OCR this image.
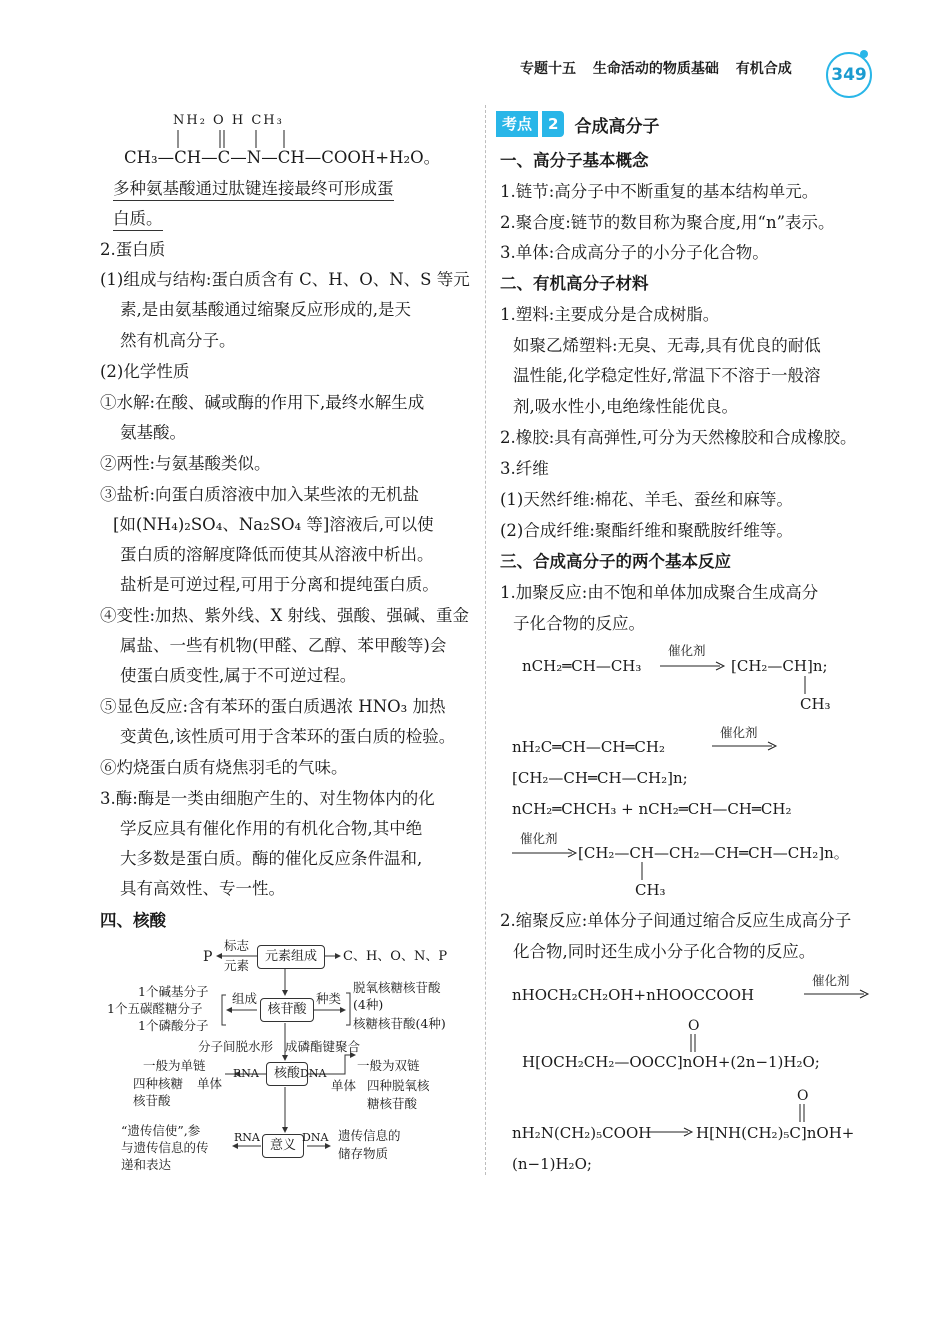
专题十五 生命活动的物质基础 有机合成	349
NH₂ O H CH₃
CH₃—CH—C—N—CH—COOH+H₂O。
多种氨基酸通过肽键连接最终可形成蛋
白质。
2.蛋白质
(1)组成与结构:蛋白质含有 C、H、O、N、S 等元
素,是由氨基酸通过缩聚反应形成的,是天
然有机高分子。
(2)化学性质
①水解:在酸、碱或酶的作用下,最终水解生成
氨基酸。
②两性:与氨基酸类似。
③盐析:向蛋白质溶液中加入某些浓的无机盐
[如(NH₄)₂SO₄、Na₂SO₄ 等]溶液后,可以使
蛋白质的溶解度降低而使其从溶液中析出。
盐析是可逆过程,可用于分离和提纯蛋白质。
④变性:加热、紫外线、X 射线、强酸、强碱、重金
属盐、一些有机物(甲醛、乙醇、苯甲酸等)会
使蛋白质变性,属于不可逆过程。
⑤显色反应:含有苯环的蛋白质遇浓 HNO₃ 加热
变黄色,该性质可用于含苯环的蛋白质的检验。
⑥灼烧蛋白质有烧焦羽毛的气味。
3.酶:酶是一类由细胞产生的、对生物体内的化
学反应具有催化作用的有机化合物,其中绝
大多数是蛋白质。酶的催化反应条件温和,
具有高效性、专一性。
四、核酸
P
标志
元素
元素组成	C、H、O、N、P
1个碱基分子
1个五碳醛糖分子
1个磷酸分子
组成
核苷酸
种类
脱氧核糖核苷酸
(4种)
核糖核苷酸(4种)
分子间脱水形 成磷酯键聚合
一般为单链
四种核糖
核苷酸
单体
RNA	核酸 DNA
一般为双链
单体 四种脱氧核
糖核苷酸
“遗传信使”,参
与遗传信息的传
递和表达
RNA
意义
DNA 遗传信息的
储存物质
考点	2 合成高分子
一、高分子基本概念
1.链节:高分子中不断重复的基本结构单元。
2.聚合度:链节的数目称为聚合度,用“n”表示。
3.单体:合成高分子的小分子化合物。
二、有机高分子材料
1.塑料:主要成分是合成树脂。
如聚乙烯塑料:无臭、无毒,具有优良的耐低
温性能,化学稳定性好,常温下不溶于一般溶
剂,吸水性小,电绝缘性能优良。
2.橡胶:具有高弹性,可分为天然橡胶和合成橡胶。
3.纤维
(1)天然纤维:棉花、羊毛、蚕丝和麻等。
(2)合成纤维:聚酯纤维和聚酰胺纤维等。
三、合成高分子的两个基本反应
1.加聚反应:由不饱和单体加成聚合生成高分
子化合物的反应。
nCH₂═CH—CH₃
催化剂
[CH₂—CH]n;
CH₃
nH₂C═CH—CH═CH₂
催化剂
[CH₂—CH═CH—CH₂]n;
nCH₂═CHCH₃ + nCH₂═CH—CH═CH₂
催化剂
[CH₂—CH—CH₂—CH═CH—CH₂]n。
CH₃
2.缩聚反应:单体分子间通过缩合反应生成高分子
化合物,同时还生成小分子化合物的反应。
nHOCH₂CH₂OH+nHOOCCOOH
催化剂
O
H[OCH₂CH₂—OOCC]nOH+(2n−1)H₂O;
O
nH₂N(CH₂)₅COOH	H[NH(CH₂)₅C]nOH+
(n−1)H₂O;
